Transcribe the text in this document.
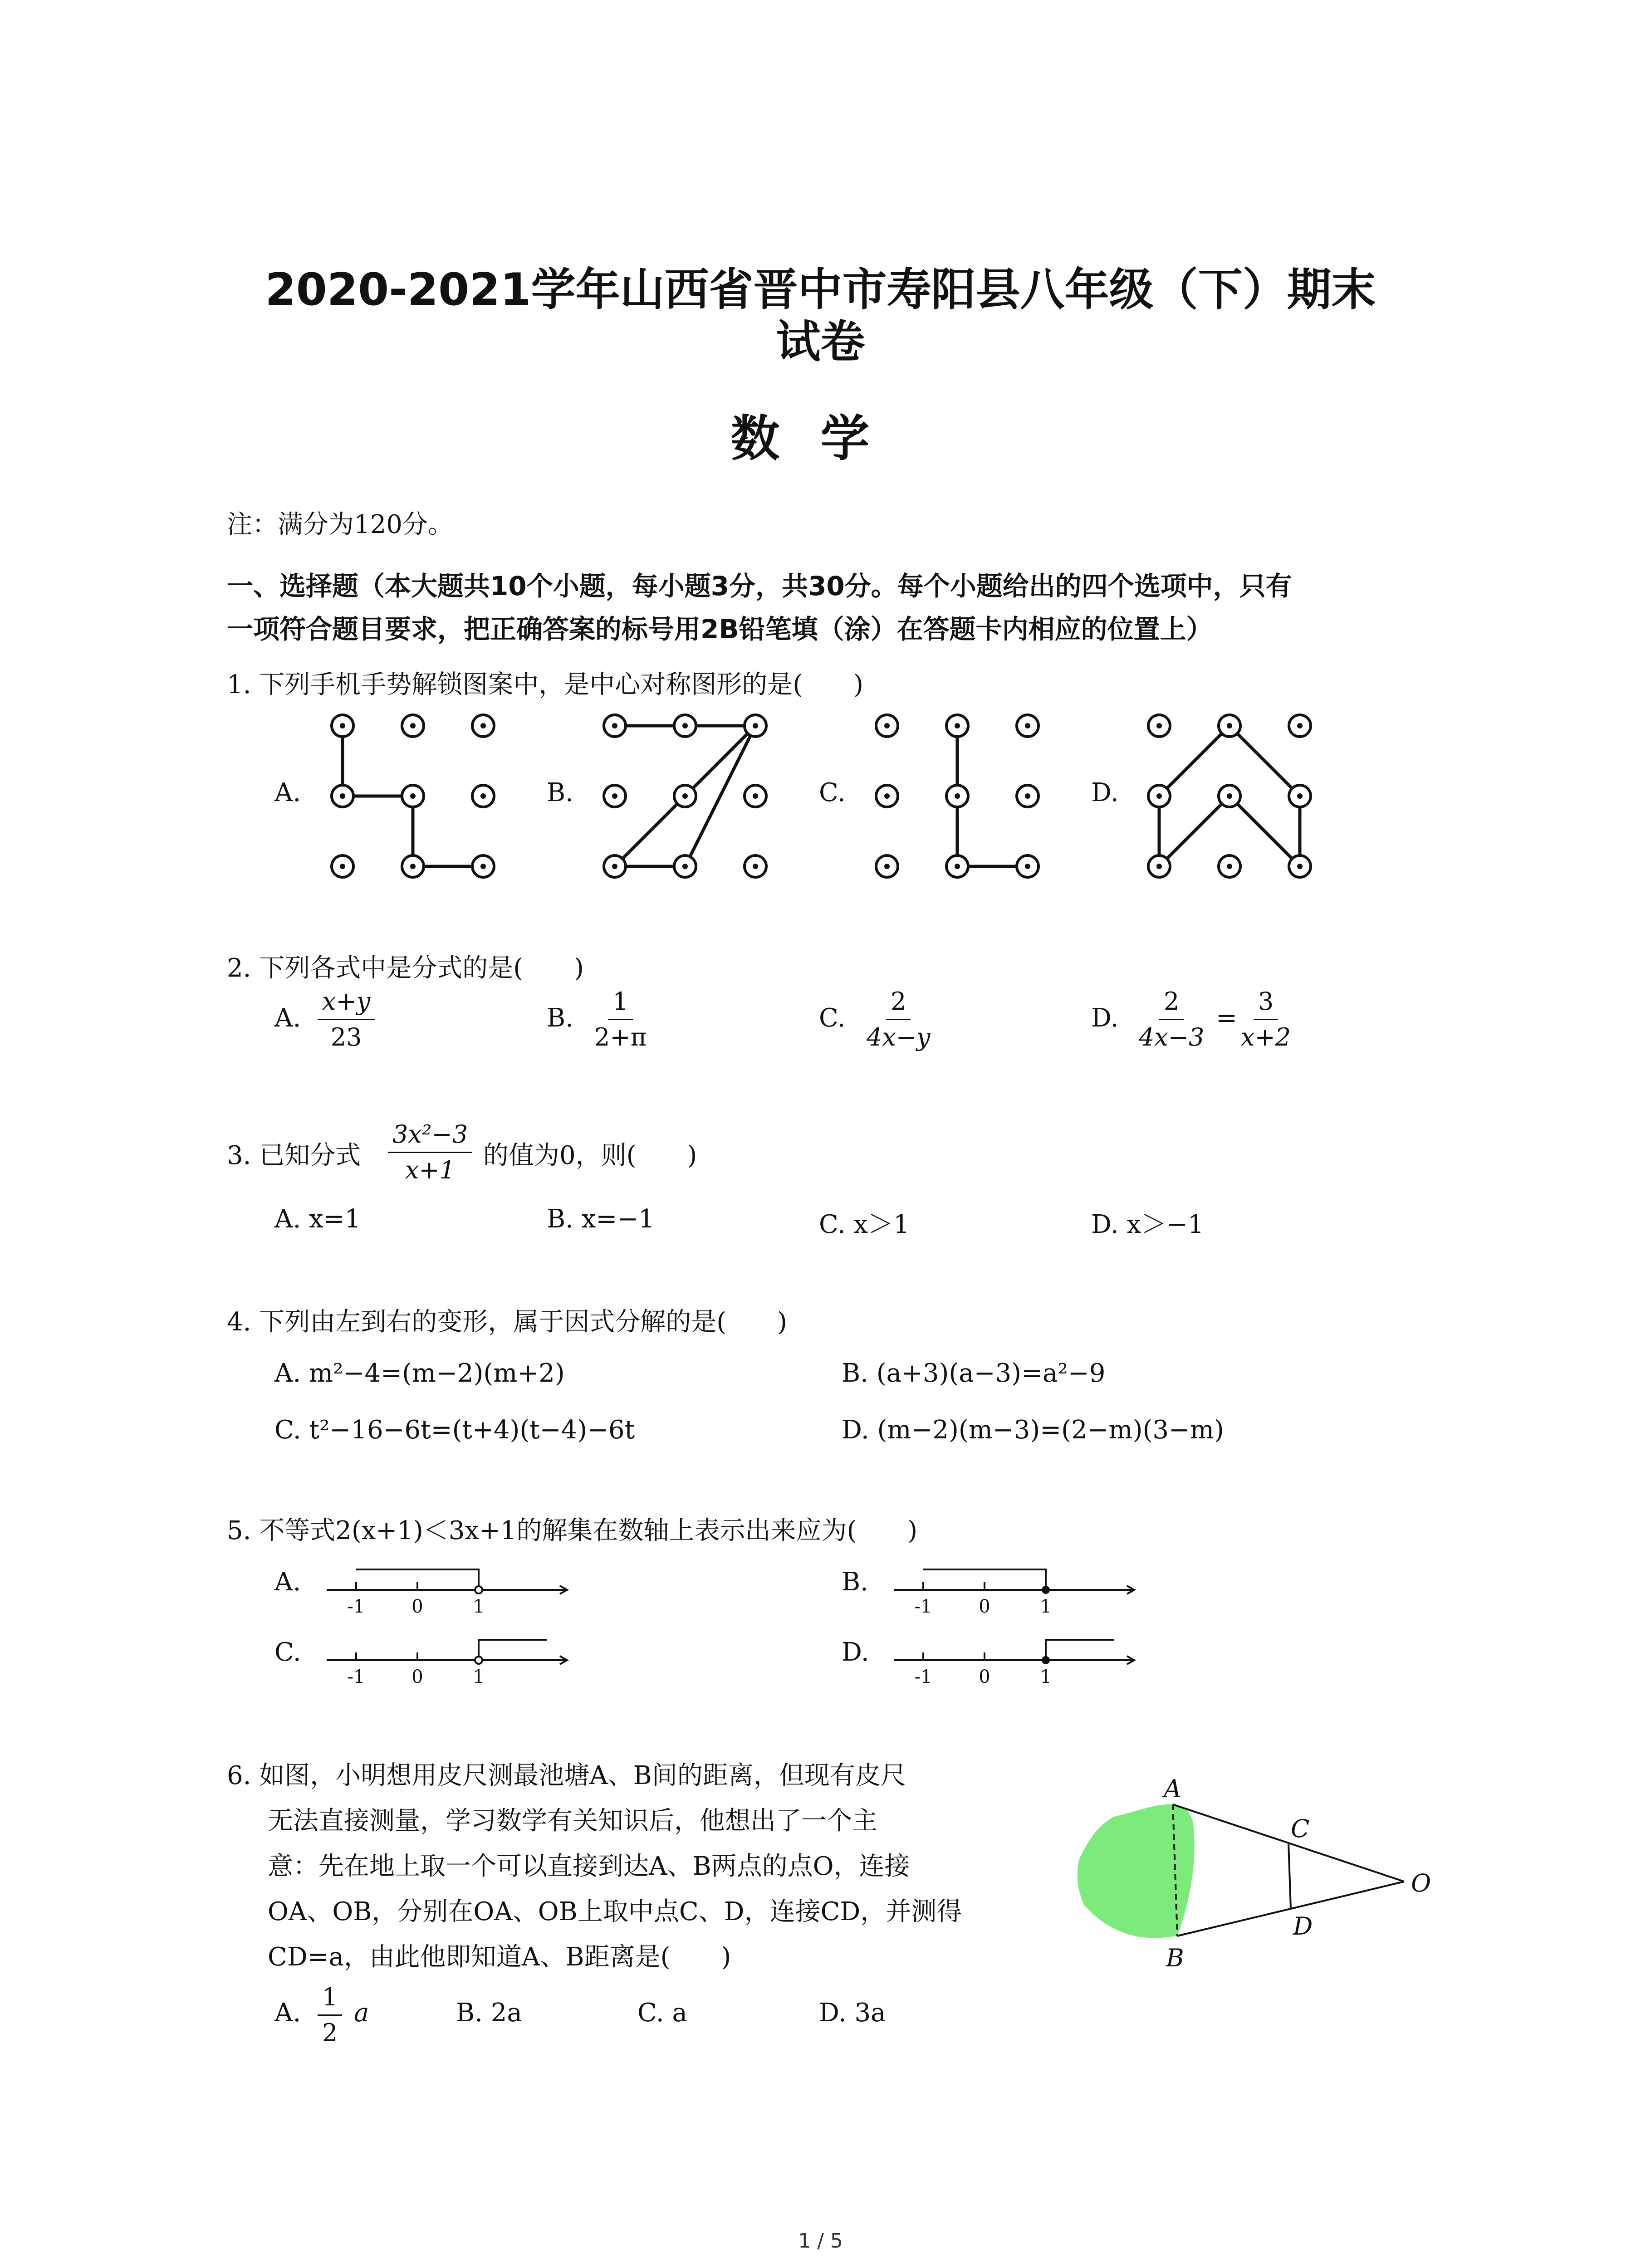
2020-2021学年山西省晋中市寿阳县八年级（下）期末
试卷
数学
注：满分为120分。
一、选择题（本大题共10个小题，每小题3分，共30分。每个小题给出的四个选项中，只有
一项符合题目要求，把正确答案的标号用2B铅笔填（涂）在答题卡内相应的位置上）
1. 下列手机手势解锁图案中，是中心对称图形的是(　　)
A.	B.	C.	D.
2. 下列各式中是分式的是(　　)
A. $\frac{x+y}{23}$	B. $\frac{1}{2+\pi}$	C. $\frac{2}{4x-y}$	D. $\frac{2}{4x-3}$ =
$\frac{3}{x+2}$
3. 已知分式 $\frac{\text{3x²−3}}{x+1}$ 的值为0，则(　　)
A. x=1	B. x=−1	C. x＞1	D. x＞−1
4. 下列由左到右的变形，属于因式分解的是(　　)
A. m²−4=(m−2)(m+2)	B. (a+3)(a−3)=a²−9
C. t²−16−6t=(t+4)(t−4)−6t	D. (m−2)(m−3)=(2−m)(3−m)
5. 不等式2(x+1)＜3x+1的解集在数轴上表示出来应为(　　)
A.	B.
C.	D.
-1	0	1	-1	0	1
-1	0	1	-1	0	1
6. 如图，小明想用皮尺测最池塘A、B间的距离，但现有皮尺
无法直接测量，学习数学有关知识后，他想出了一个主
意：先在地上取一个可以直接到达A、B两点的点O，连接
OA、OB，分别在OA、OB上取中点C、D，连接CD，并测得
CD=a，由此他即知道A、B距离是(　　)
A. $\frac{1}{2}$ a	B. 2a	C. a	D. 3a
A
B
C
D
O
1 / 5
